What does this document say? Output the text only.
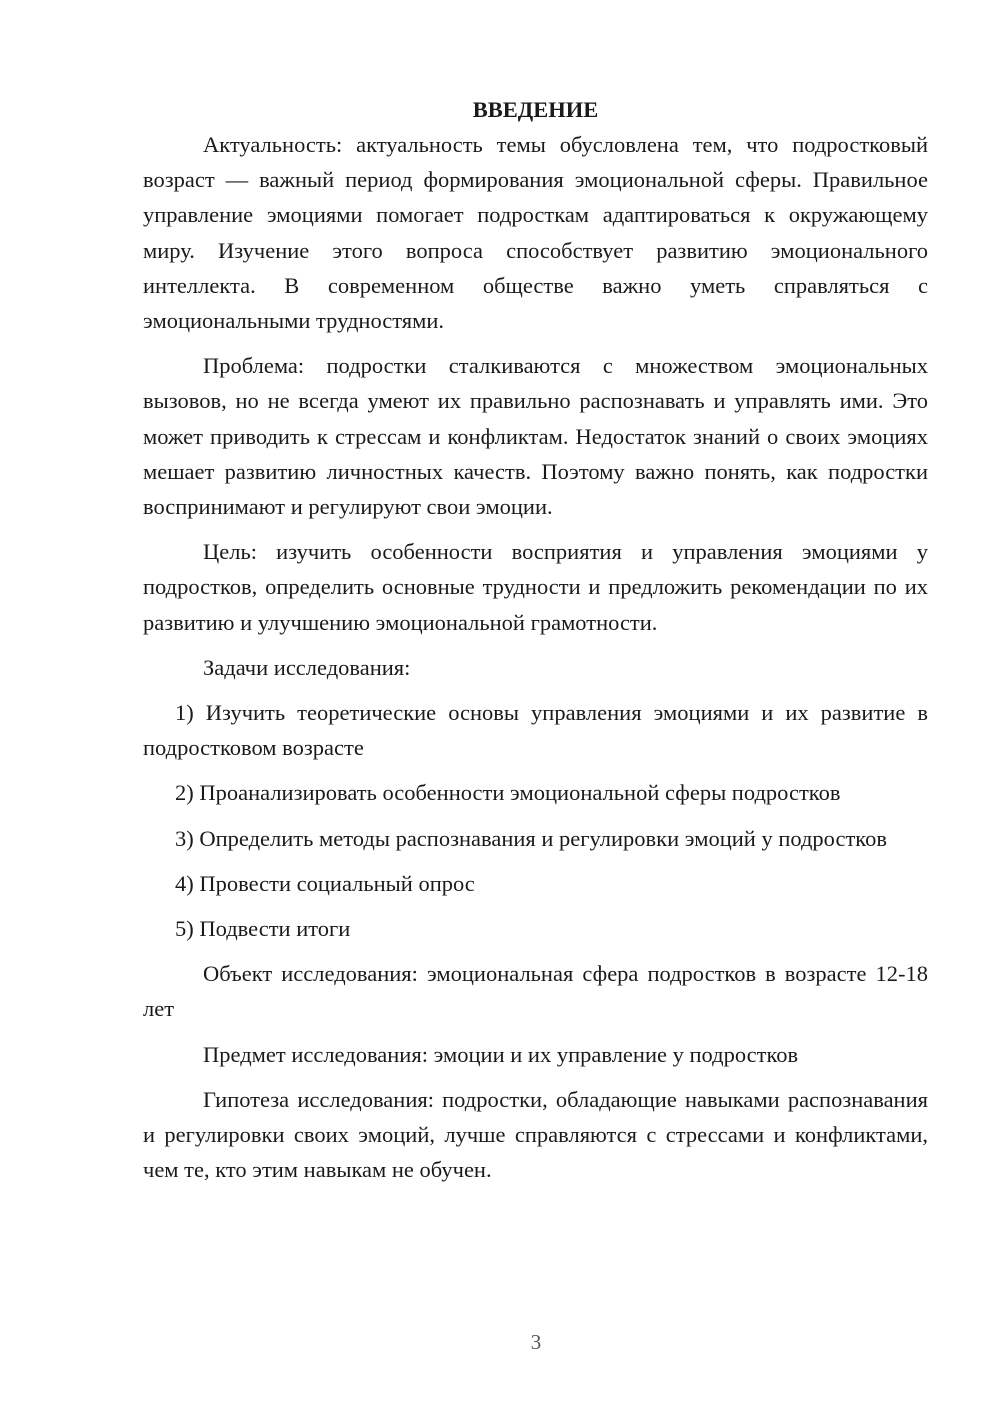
ВВЕДЕНИЕ

Актуальность: актуальность темы обусловлена тем, что подростковый возраст — важный период формирования эмоциональной сферы. Правильное управление эмоциями помогает подросткам адаптироваться к окружающему миру. Изучение этого вопроса способствует развитию эмоционального интеллекта. В современном обществе важно уметь справляться с эмоциональными трудностями.

Проблема: подростки сталкиваются с множеством эмоциональных вызовов, но не всегда умеют их правильно распознавать и управлять ими. Это может приводить к стрессам и конфликтам. Недостаток знаний о своих эмоциях мешает развитию личностных качеств. Поэтому важно понять, как подростки воспринимают и регулируют свои эмоции.

Цель: изучить особенности восприятия и управления эмоциями у подростков, определить основные трудности и предложить рекомендации по их развитию и улучшению эмоциональной грамотности.

Задачи исследования:

1) Изучить теоретические основы управления эмоциями и их развитие в подростковом возрасте

2) Проанализировать особенности эмоциональной сферы подростков

3) Определить методы распознавания и регулировки эмоций у подростков

4) Провести социальный опрос

5) Подвести итоги

Объект исследования: эмоциональная сфера подростков в возрасте 12-18 лет

Предмет исследования: эмоции и их управление у подростков

Гипотеза исследования: подростки, обладающие навыками распознавания и регулировки своих эмоций, лучше справляются с стрессами и конфликтами, чем те, кто этим навыкам не обучен.

3
